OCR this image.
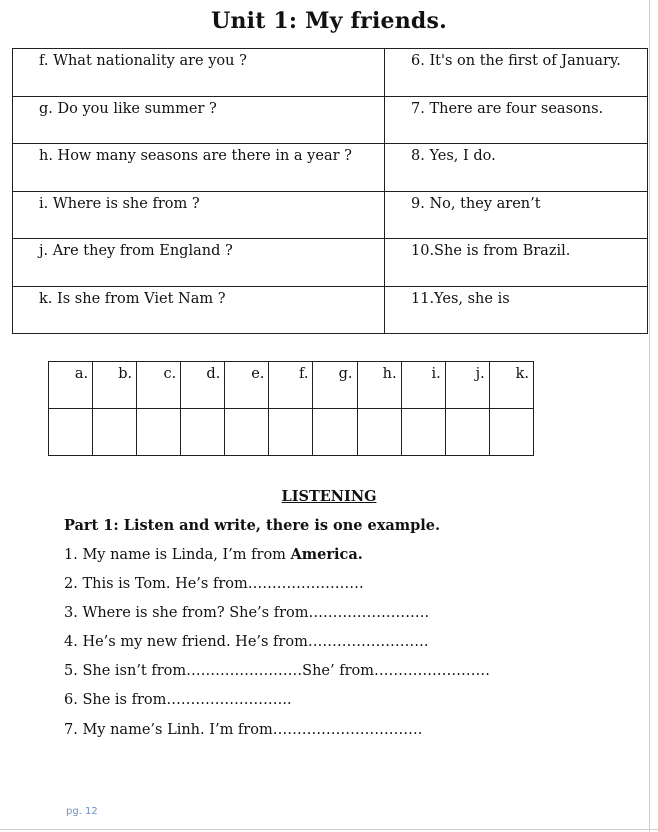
Unit 1: My friends.
f. What nationality are you ?	6. It's on the first of January.
g. Do you like summer ?	7. There are four seasons.
h. How many seasons are there in a year ?	8. Yes, I do.
i. Where is she from ?	9. No, they aren’t
j. Are they from England ?	10.She is from Brazil.
k. Is she from Viet Nam ?	11.Yes, she is
a.	b.	c.	d.	e.	f.	g.	h.	i.	j.	k.

LISTENING
Part 1: Listen and write, there is one example.
1. My name is Linda, I’m from America.
2. This is Tom. He’s from……………………
3. Where is she from? She’s from…………………….
4. He’s my new friend. He’s from…………………….
5. She isn’t from……………………She’ from……………………
6. She is from……………………..
7. My name’s Linh. I’m from………………………….
pg. 12
